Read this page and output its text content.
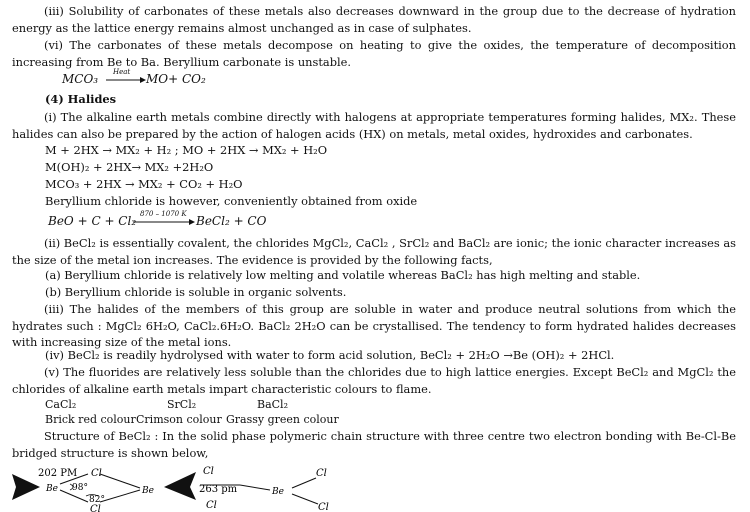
(iii) Solubility of carbonates of these metals also decreases downward in the group due to the decrease of hydration energy as the lattice energy remains almost unchanged as in case of sulphates.
(vi) The carbonates of these metals decompose on heating to give the oxides, the temperature of decomposition increasing from Be to Ba. Beryllium carbonate is unstable.
MCO₃ Heat → MO+ CO₂
(4) Halides
(i) The alkaline earth metals combine directly with halogens at appropriate temperatures forming halides, MX₂. These halides can also be prepared by the action of halogen acids (HX) on metals, metal oxides, hydroxides and carbonates.
M + 2HX → MX₂ + H₂ ; MO + 2HX → MX₂ + H₂O
M(OH)₂ + 2HX→ MX₂ +2H₂O
MCO₃ + 2HX → MX₂ + CO₂ + H₂O
Beryllium chloride is however, conveniently obtained from oxide
BeO + C + Cl₂ 870 – 1070 K BeCl₂ + CO
(ii) BeCl₂ is essentially covalent, the chlorides MgCl₂, CaCl₂ , SrCl₂ and BaCl₂ are ionic; the ionic character increases as the size of the metal ion increases. The evidence is provided by the following facts,
(a) Beryllium chloride is relatively low melting and volatile whereas BaCl₂ has high melting and stable.
(b) Beryllium chloride is soluble in organic solvents.
(iii) The halides of the members of this group are soluble in water and produce neutral solutions from which the hydrates such : MgCl₂ 6H₂O, CaCl₂.6H₂O. BaCl₂ 2H₂O can be crystallised. The tendency to form hydrated halides decreases with increasing size of the metal ions.
(iv) BeCl₂ is readily hydrolysed with water to form acid solution, BeCl₂ + 2H₂O →Be (OH)₂ + 2HCl.
(v) The fluorides are relatively less soluble than the chlorides due to high lattice energies. Except BeCl₂ and MgCl₂ the chlorides of alkaline earth metals impart characteristic colours to flame.
CaCl₂	SrCl₂	BaCl₂
Brick red colour Crimson colour Grassy green colour
Structure of BeCl₂ : In the solid phase polymeric chain structure with three centre two electron bonding with Be-Cl-Be bridged structure is shown below,
202 PM Cl
Be 98°
82°
Cl
Be
Cl
263 pm
Cl
Be
Cl
Cl
